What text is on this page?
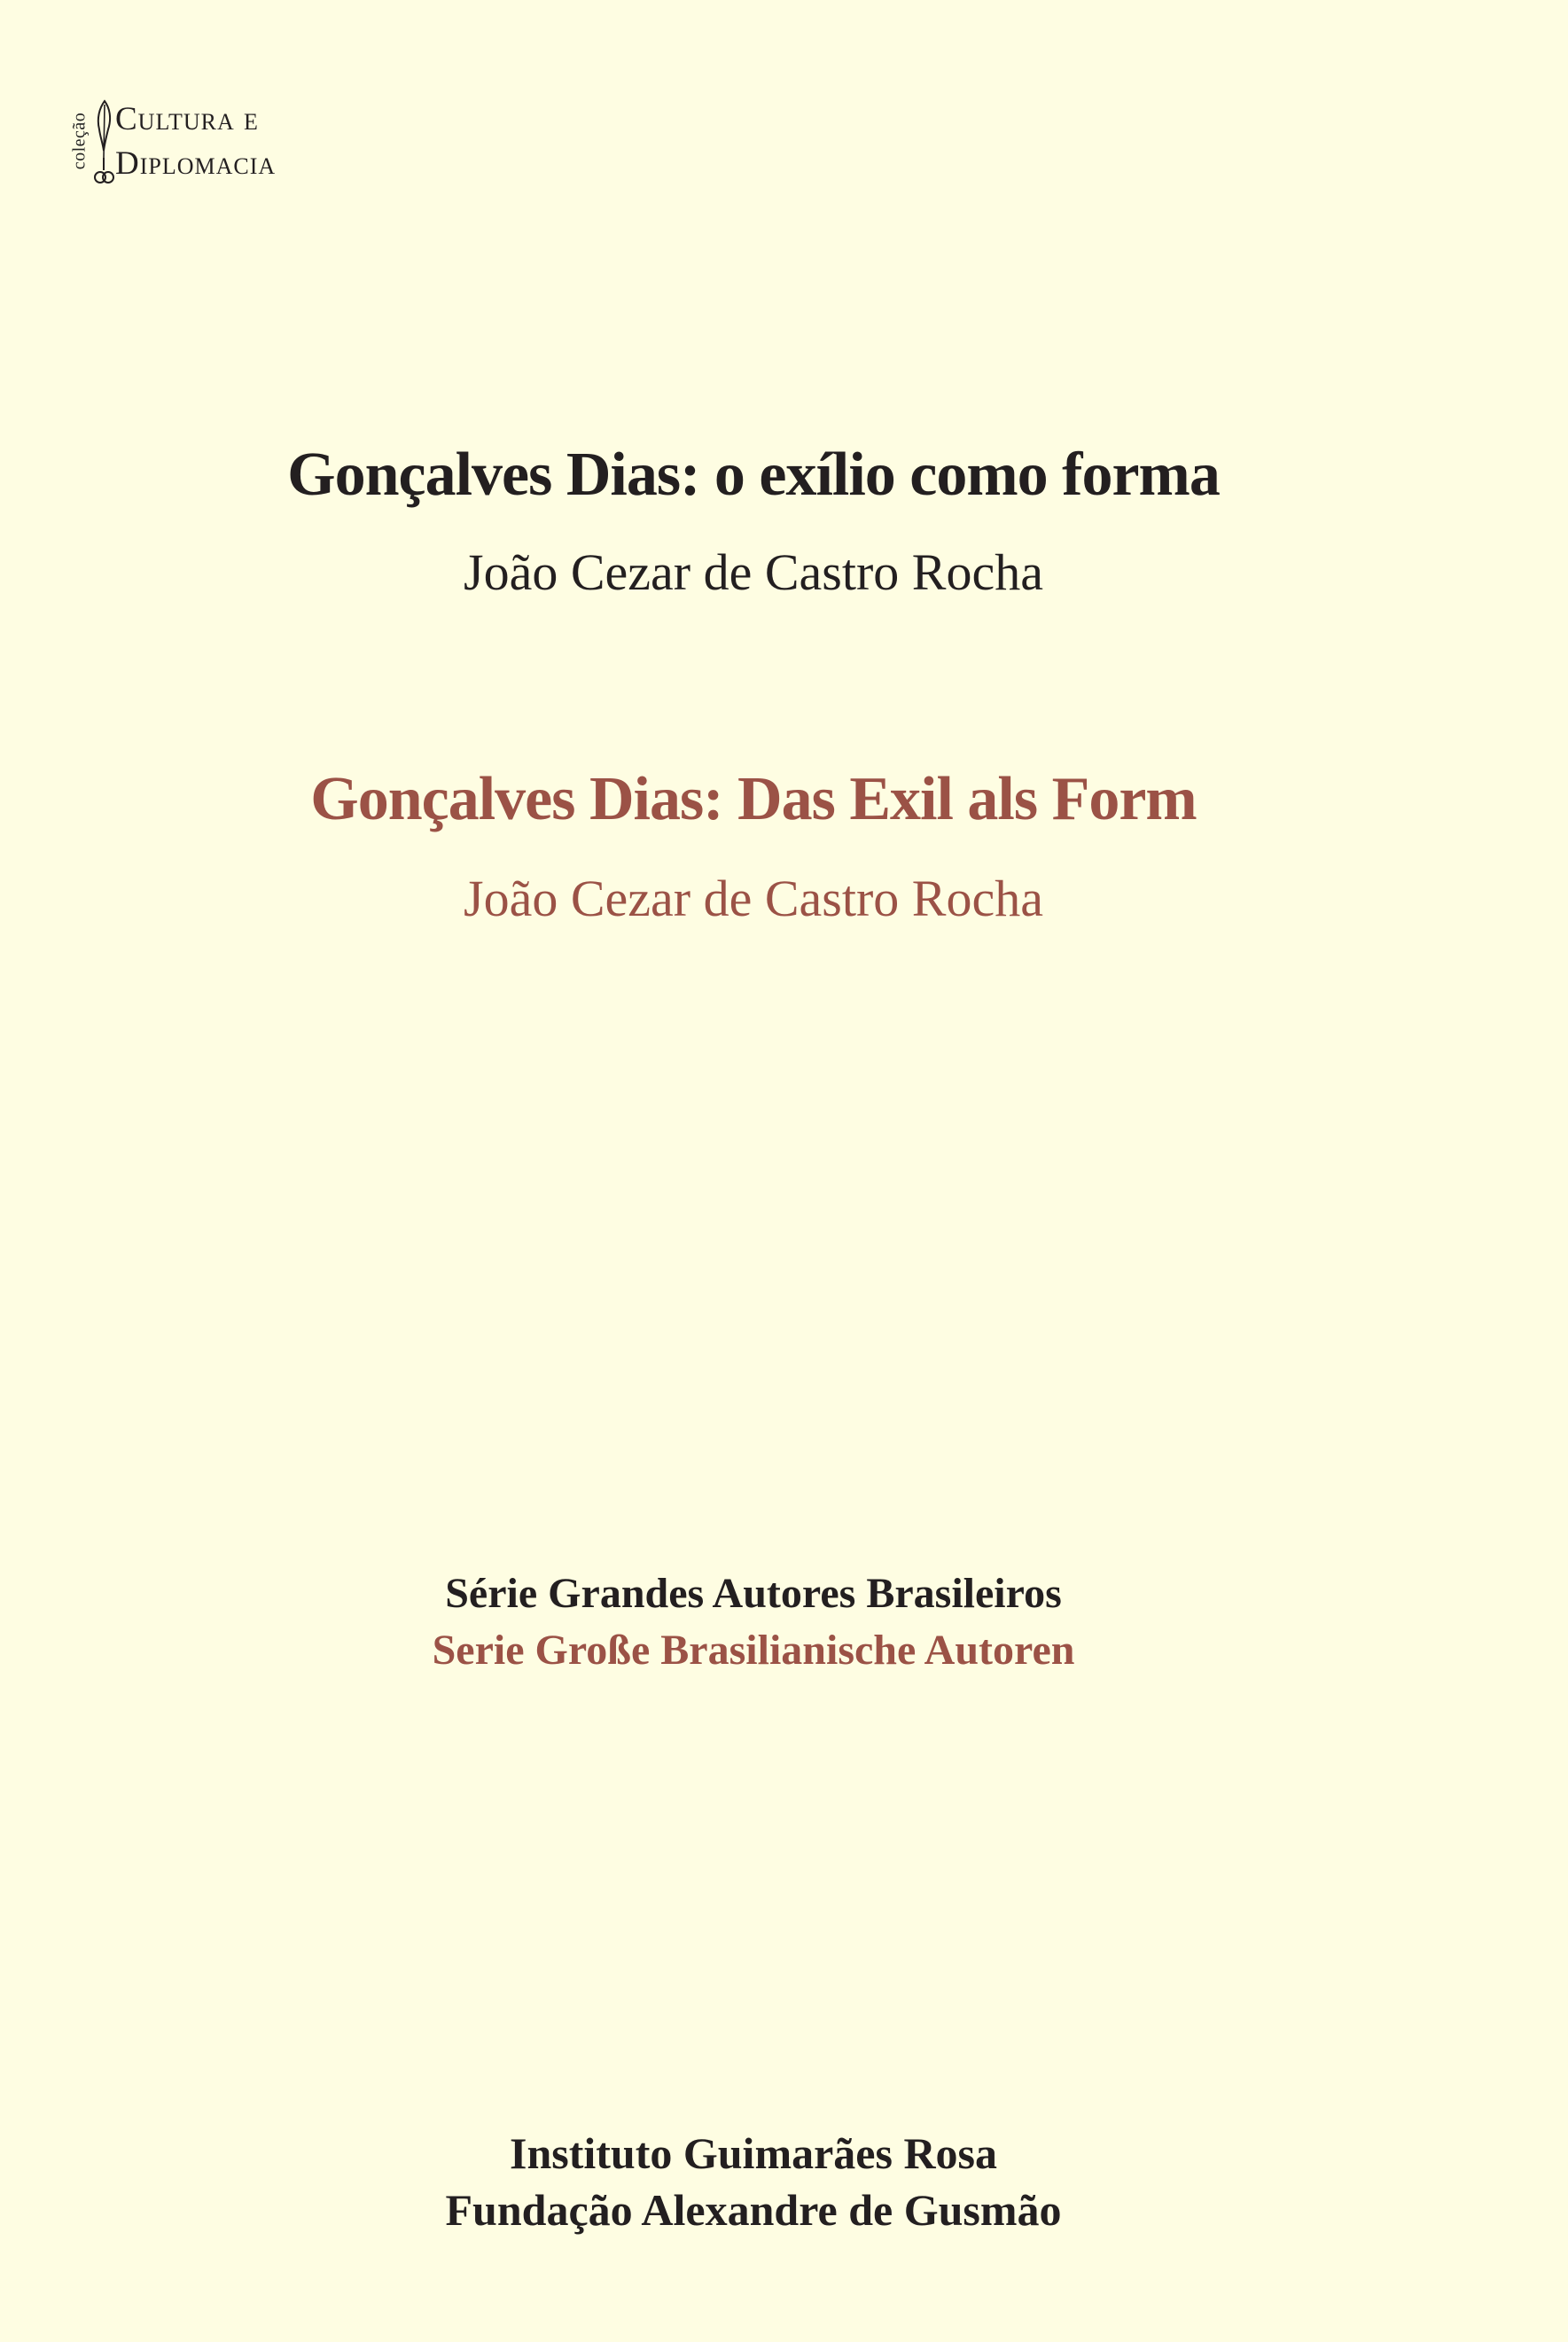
coleção Cultura e
Diplomacia
Gonçalves Dias: o exílio como forma

João Cezar de Castro Rocha

Gonçalves Dias: Das Exil als Form

João Cezar de Castro Rocha

Série Grandes Autores Brasileiros

Serie Große Brasilianische Autoren

Instituto Guimarães Rosa

Fundação Alexandre de Gusmão
